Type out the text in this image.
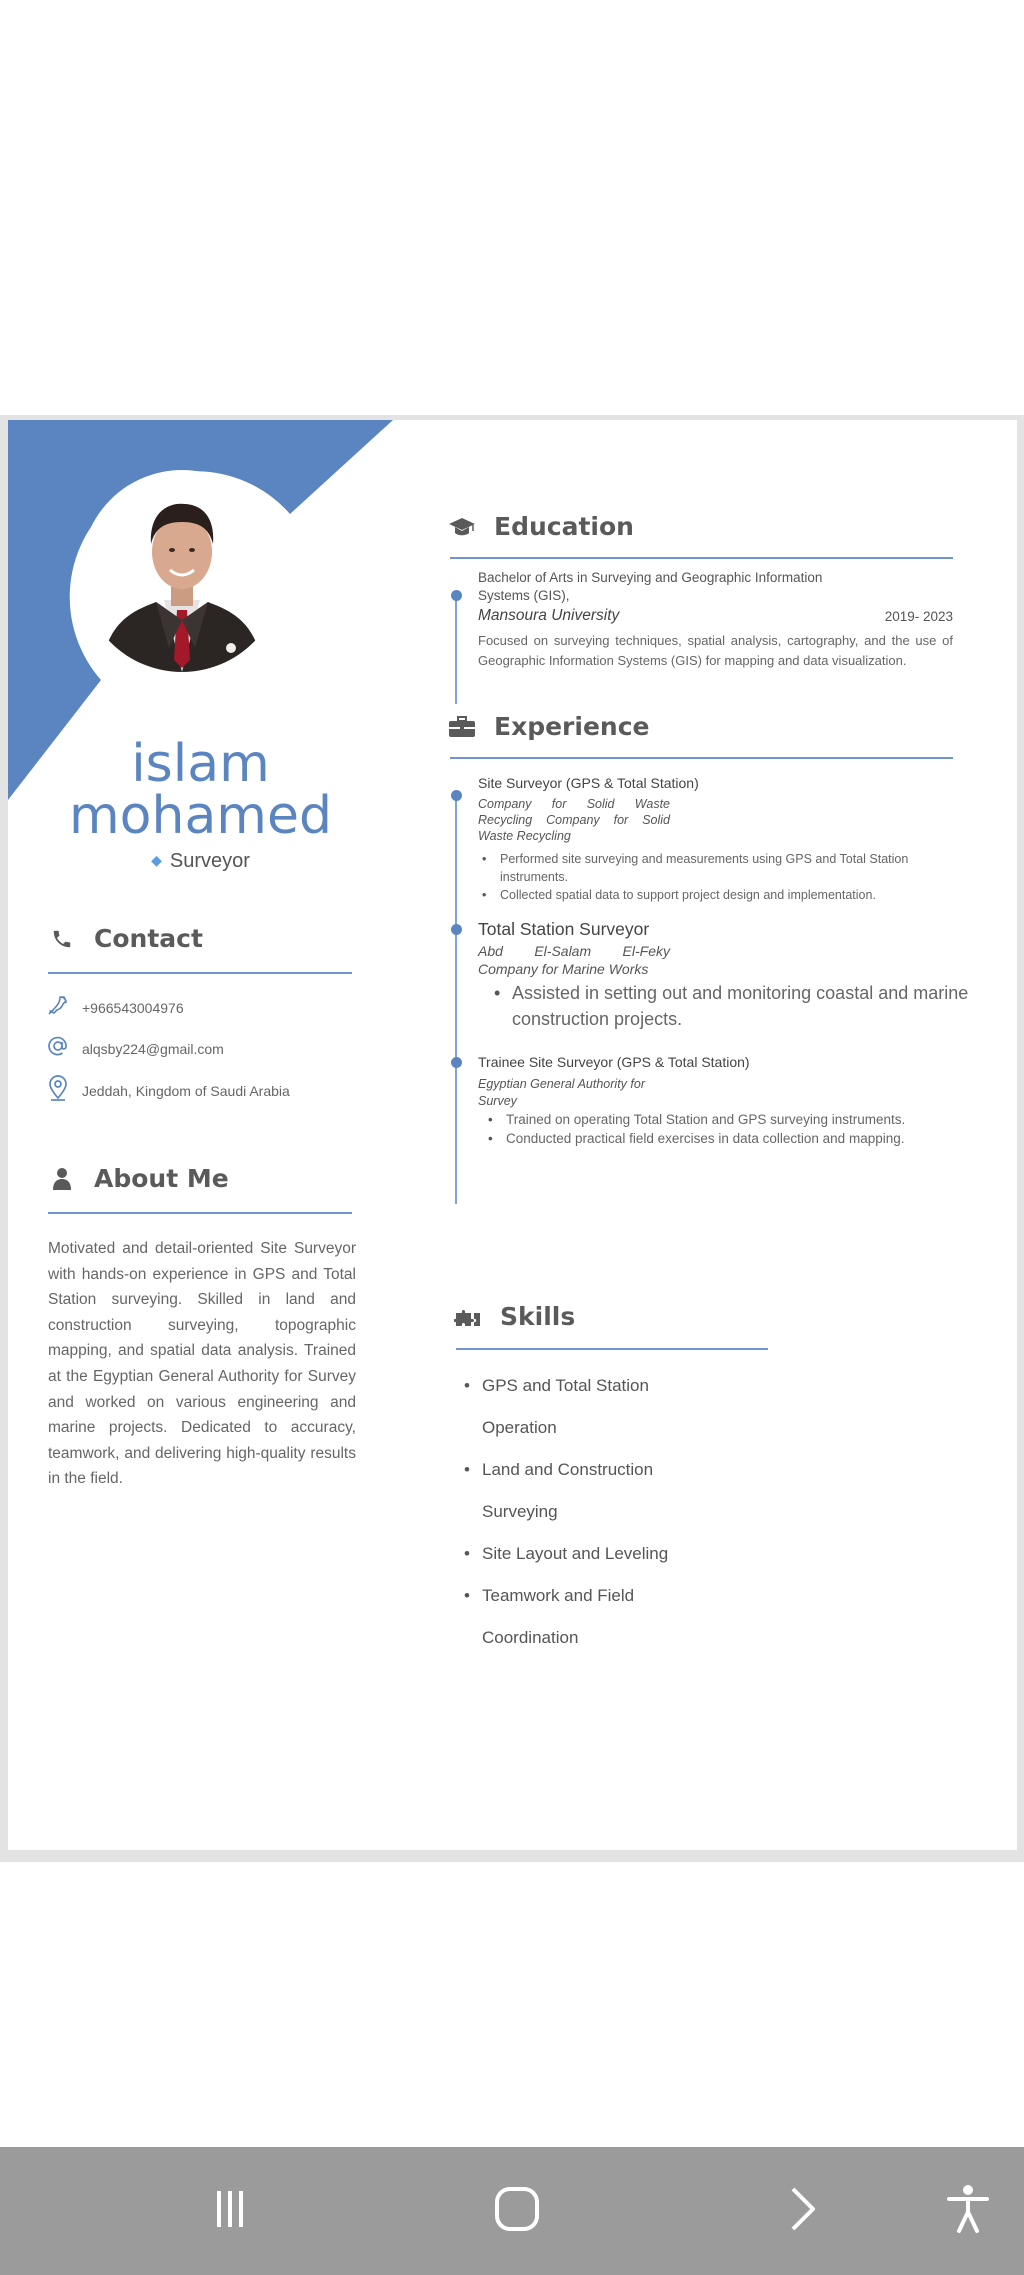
islam
mohamed
◆ Surveyor
Contact
+966543004976
alqsby224@gmail.com
Jeddah, Kingdom of Saudi Arabia
About Me
Motivated and detail-oriented Site Surveyor with hands-on experience in GPS and Total Station surveying. Skilled in land and construction surveying, topographic mapping, and spatial data analysis. Trained at the Egyptian General Authority for Survey and worked on various engineering and marine projects. Dedicated to accuracy, teamwork, and delivering high-quality results in the field.
Education
Bachelor of Arts in Surveying and Geographic Information Systems (GIS),
Mansoura University	2019- 2023
Focused on surveying techniques, spatial analysis, cartography, and the use of Geographic Information Systems (GIS) for mapping and data visualization.
Experience
Site Surveyor (GPS & Total Station)
Company for Solid Waste Recycling Company for Solid Waste Recycling
• Performed site surveying and measurements using GPS and Total Station instruments.
• Collected spatial data to support project design and implementation.
Total Station Surveyor
Abd El-Salam El-Feky Company for Marine Works
• Assisted in setting out and monitoring coastal and marine construction projects.
Trainee Site Surveyor (GPS & Total Station)
Egyptian General Authority for Survey
• Trained on operating Total Station and GPS surveying instruments.
• Conducted practical field exercises in data collection and mapping.
Skills
• GPS and Total Station Operation
• Land and Construction Surveying
• Site Layout and Leveling
• Teamwork and Field Coordination
